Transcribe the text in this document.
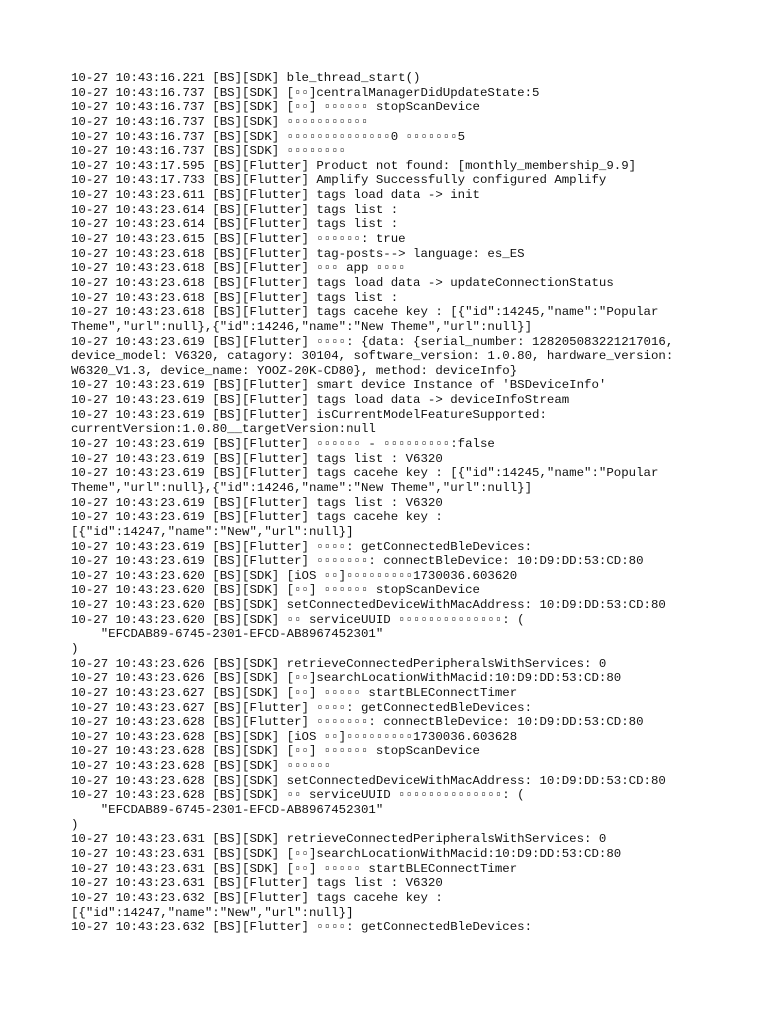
10-27 10:43:16.221 [BS][SDK] ble_thread_start()
10-27 10:43:16.737 [BS][SDK] [▫▫]centralManagerDidUpdateState:5
10-27 10:43:16.737 [BS][SDK] [▫▫] ▫▫▫▫▫▫ stopScanDevice
10-27 10:43:16.737 [BS][SDK] ▫▫▫▫▫▫▫▫▫▫▫
10-27 10:43:16.737 [BS][SDK] ▫▫▫▫▫▫▫▫▫▫▫▫▫▫0 ▫▫▫▫▫▫▫5
10-27 10:43:16.737 [BS][SDK] ▫▫▫▫▫▫▫▫
10-27 10:43:17.595 [BS][Flutter] Product not found: [monthly_membership_9.9]
10-27 10:43:17.733 [BS][Flutter] Amplify Successfully configured Amplify
10-27 10:43:23.611 [BS][Flutter] tags load data -> init
10-27 10:43:23.614 [BS][Flutter] tags list :
10-27 10:43:23.614 [BS][Flutter] tags list :
10-27 10:43:23.615 [BS][Flutter] ▫▫▫▫▫▫: true
10-27 10:43:23.618 [BS][Flutter] tag-posts--> language: es_ES
10-27 10:43:23.618 [BS][Flutter] ▫▫▫ app ▫▫▫▫
10-27 10:43:23.618 [BS][Flutter] tags load data -> updateConnectionStatus
10-27 10:43:23.618 [BS][Flutter] tags list :
10-27 10:43:23.618 [BS][Flutter] tags cacehe key : [{"id":14245,"name":"Popular
Theme","url":null},{"id":14246,"name":"New Theme","url":null}]
10-27 10:43:23.619 [BS][Flutter] ▫▫▫▫: {data: {serial_number: 128205083221217016,
device_model: V6320, catagory: 30104, software_version: 1.0.80, hardware_version:
W6320_V1.3, device_name: YOOZ-20K-CD80}, method: deviceInfo}
10-27 10:43:23.619 [BS][Flutter] smart device Instance of 'BSDeviceInfo'
10-27 10:43:23.619 [BS][Flutter] tags load data -> deviceInfoStream
10-27 10:43:23.619 [BS][Flutter] isCurrentModelFeatureSupported:
currentVersion:1.0.80__targetVersion:null
10-27 10:43:23.619 [BS][Flutter] ▫▫▫▫▫▫ - ▫▫▫▫▫▫▫▫▫:false
10-27 10:43:23.619 [BS][Flutter] tags list : V6320
10-27 10:43:23.619 [BS][Flutter] tags cacehe key : [{"id":14245,"name":"Popular
Theme","url":null},{"id":14246,"name":"New Theme","url":null}]
10-27 10:43:23.619 [BS][Flutter] tags list : V6320
10-27 10:43:23.619 [BS][Flutter] tags cacehe key :
[{"id":14247,"name":"New","url":null}]
10-27 10:43:23.619 [BS][Flutter] ▫▫▫▫: getConnectedBleDevices:
10-27 10:43:23.619 [BS][Flutter] ▫▫▫▫▫▫▫: connectBleDevice: 10:D9:DD:53:CD:80
10-27 10:43:23.620 [BS][SDK] [iOS ▫▫]▫▫▫▫▫▫▫▫▫1730036.603620
10-27 10:43:23.620 [BS][SDK] [▫▫] ▫▫▫▫▫▫ stopScanDevice
10-27 10:43:23.620 [BS][SDK] setConnectedDeviceWithMacAddress: 10:D9:DD:53:CD:80
10-27 10:43:23.620 [BS][SDK] ▫▫ serviceUUID ▫▫▫▫▫▫▫▫▫▫▫▫▫▫: (
"EFCDAB89-6745-2301-EFCD-AB8967452301"
)
10-27 10:43:23.626 [BS][SDK] retrieveConnectedPeripheralsWithServices: 0
10-27 10:43:23.626 [BS][SDK] [▫▫]searchLocationWithMacid:10:D9:DD:53:CD:80
10-27 10:43:23.627 [BS][SDK] [▫▫] ▫▫▫▫▫ startBLEConnectTimer
10-27 10:43:23.627 [BS][Flutter] ▫▫▫▫: getConnectedBleDevices:
10-27 10:43:23.628 [BS][Flutter] ▫▫▫▫▫▫▫: connectBleDevice: 10:D9:DD:53:CD:80
10-27 10:43:23.628 [BS][SDK] [iOS ▫▫]▫▫▫▫▫▫▫▫▫1730036.603628
10-27 10:43:23.628 [BS][SDK] [▫▫] ▫▫▫▫▫▫ stopScanDevice
10-27 10:43:23.628 [BS][SDK] ▫▫▫▫▫▫
10-27 10:43:23.628 [BS][SDK] setConnectedDeviceWithMacAddress: 10:D9:DD:53:CD:80
10-27 10:43:23.628 [BS][SDK] ▫▫ serviceUUID ▫▫▫▫▫▫▫▫▫▫▫▫▫▫: (
"EFCDAB89-6745-2301-EFCD-AB8967452301"
)
10-27 10:43:23.631 [BS][SDK] retrieveConnectedPeripheralsWithServices: 0
10-27 10:43:23.631 [BS][SDK] [▫▫]searchLocationWithMacid:10:D9:DD:53:CD:80
10-27 10:43:23.631 [BS][SDK] [▫▫] ▫▫▫▫▫ startBLEConnectTimer
10-27 10:43:23.631 [BS][Flutter] tags list : V6320
10-27 10:43:23.632 [BS][Flutter] tags cacehe key :
[{"id":14247,"name":"New","url":null}]
10-27 10:43:23.632 [BS][Flutter] ▫▫▫▫: getConnectedBleDevices:
